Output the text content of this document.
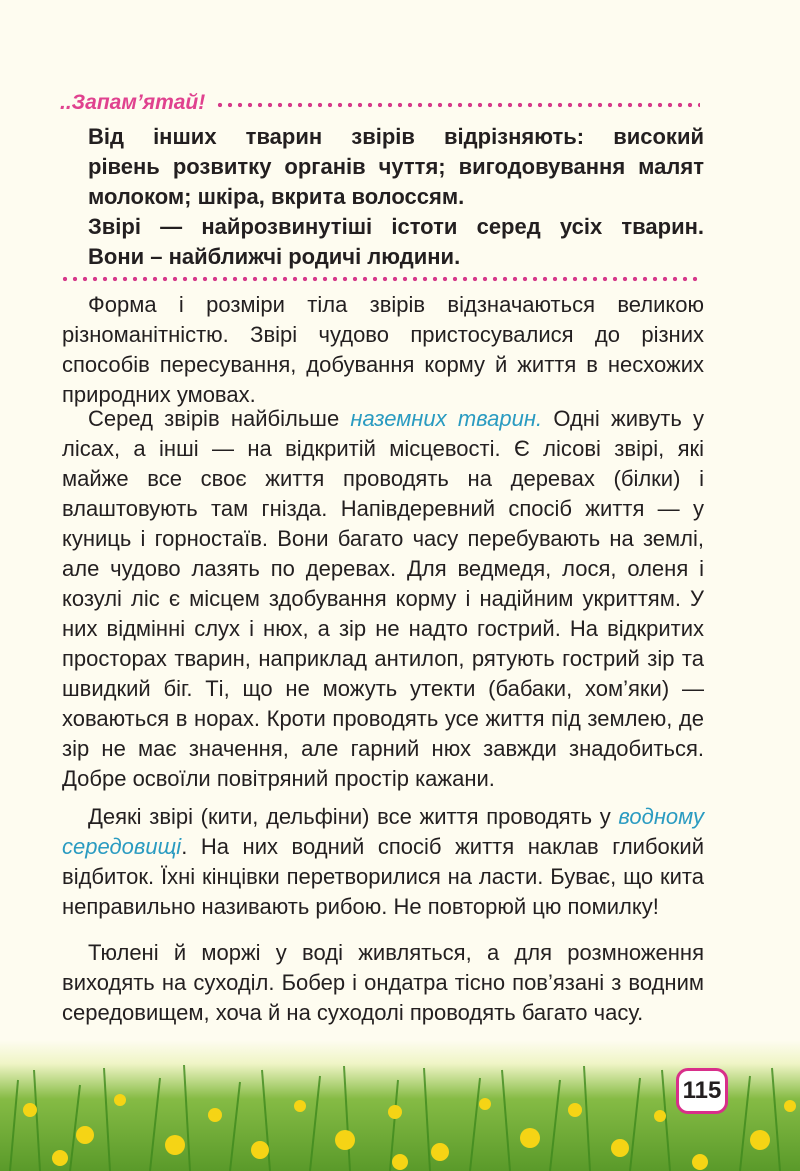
..Запам’ятай!
Від інших тварин звірів відрізняють: високий
рівень розвитку органів чуття; вигодовування малят
молоком; шкіра, вкрита волоссям.
Звірі — найрозвинутіші істоти серед усіх тварин.
Вони – найближчі родичі людини.

Форма і розміри тіла звірів відзначаються великою різноманітністю. Звірі чудово пристосувалися до різних способів пересування, добування корму й життя в несхожих природних умовах.

Серед звірів найбільше наземних тварин. Одні живуть у лісах, а інші — на відкритій місцевості. Є лісові звірі, які майже все своє життя проводять на деревах (білки) і влаштовують там гнізда. Напівдеревний спосіб життя — у куниць і горностаїв. Вони багато часу перебувають на землі, але чудово лазять по деревах. Для ведмедя, лося, оленя і козулі ліс є місцем здобування корму і надійним укриттям. У них відмінні слух і нюх, а зір не надто гострий. На відкритих просторах тварин, наприклад антилоп, рятують гострий зір та швидкий біг. Ті, що не можуть утекти (бабаки, хом’яки) — ховаються в норах. Кроти проводять усе життя під землею, де зір не має значення, але гарний нюх завжди знадобиться. Добре освоїли повітряний простір кажани.

Деякі звірі (кити, дельфіни) все життя проводять у водному середовищі. На них водний спосіб життя наклав глибокий відбиток. Їхні кінцівки перетворилися на ласти. Буває, що кита неправильно називають рибою. Не повторюй цю помилку!

Тюлені й моржі у воді живляться, а для розмноження виходять на суходіл. Бобер і ондатра тісно пов’язані з водним середовищем, хоча й на суходолі проводять багато часу.

115
